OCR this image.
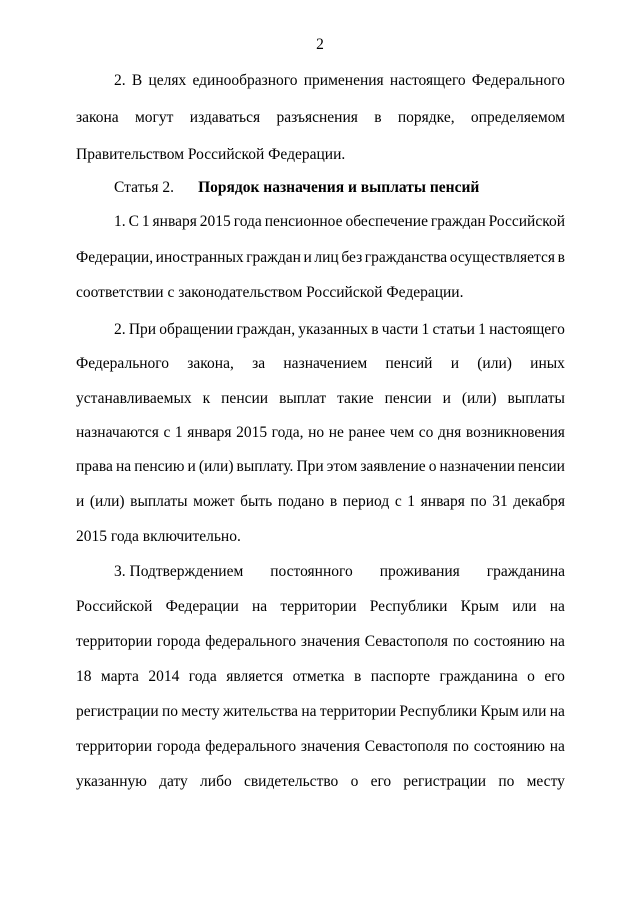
2
2. В целях единообразного применения настоящего Федерального
закона могут издаваться разъяснения в порядке, определяемом
Правительством Российской Федерации.
Статья 2. Порядок назначения и выплаты пенсий
1. С 1 января 2015 года пенсионное обеспечение граждан Российской
Федерации, иностранных граждан и лиц без гражданства осуществляется в
соответствии с законодательством Российской Федерации.
2. При обращении граждан, указанных в части 1 статьи 1 настоящего
Федерального закона, за назначением пенсий и (или) иных
устанавливаемых к пенсии выплат такие пенсии и (или) выплаты
назначаются с 1 января 2015 года, но не ранее чем со дня возникновения
права на пенсию и (или) выплату. При этом заявление о назначении пенсии
и (или) выплаты может быть подано в период с 1 января по 31 декабря
2015 года включительно.
3. Подтверждением постоянного проживания гражданина
Российской Федерации на территории Республики Крым или на
территории города федерального значения Севастополя по состоянию на
18 марта 2014 года является отметка в паспорте гражданина о его
регистрации по месту жительства на территории Республики Крым или на
территории города федерального значения Севастополя по состоянию на
указанную дату либо свидетельство о его регистрации по месту
